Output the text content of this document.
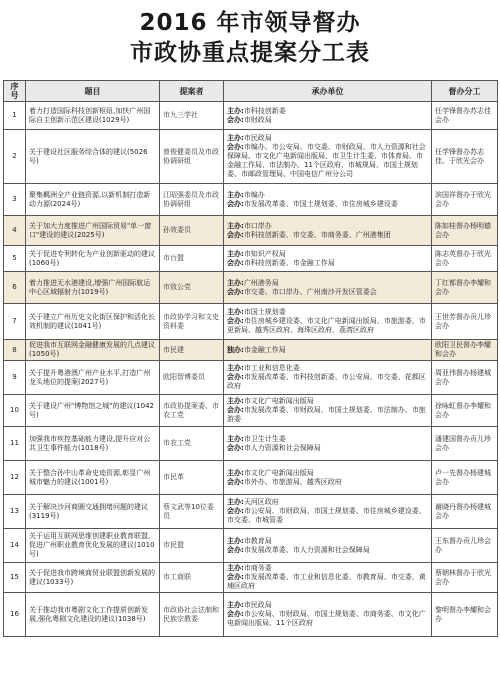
2016 年市领导督办
市政协重点提案分工表
序号	题目	提案者	承办单位	督办分工
1	着力打造国际科技创新枢纽,加快广州国际自主创新示范区建设(1029号)	市九三学社	主办:市科技创新委
会办:市财政局	任学锋督办苏志佳会办
2	关于建设社区服务综合体的建议(5026号)	曾俊健委员及市政协调研组	主办:市民政局
会办:市编办、市公安局、市交委、市财政局、市人力资源和社会保障局、市文化广电新闻出版局、市卫生计生委、市体育局、市金融工作局、市法制办、11个区政府、市城规局、市国土规划委、市邮政管理局、中国电信广州分公司	任学锋督办苏志佳、于欣光会办
3	聚集羁洲全产业链资源,以新机制打造新动力源(2024号)	江昭强委员及市政协调研组	主办:市编办
会办:市发展改革委、市国土规划委、市住房城乡建设委	滨国祥督办于欣光会办
4	关于加大力度推进广州国际贸易"单一窗口"建设的建议(2025号)	孙效委员	主办:市口岸办
会办:市科技创新委、市交委、市商务委、广州港集团	陈如桂督办杨明德会办
5	关于促进专利转化为产业创新驱动的建议(1060号)	市台盟	主办:市知识产权局
会办:市科技创新委、市金融工作局	陈志英督办于欣光会办
6	着力推进无水港建设,增强广州国际航运中心区域辐射力(1019号)	市致公党	主办:广州港务局
会办:市交委、市口岸办、广州南沙开发区管委会	丁红都督办李耀和会办
7	关于建立广州历史文化街区保护和活化长效机制的建议(1041号)	市政协学习和文史资料委	主办:市国土规划委
会办:市住房城乡建设委、市文化广电新闻出版局、市旅游委、市更新局、越秀区政府、海珠区政府、荔湾区政府	王世芳督办贡儿珍会办
8	促进我市互联网金融健康发展的几点建议(1050号)	市民建	独办:市金融工作局	欧阳卫民督办李耀和会办
9	关于提升粤港澳广州产业水平,打造广州龙头地位的提案(2027号)	欧阳智博委员	主办:市工业和信息化委
会办:市发展改革委、市科技创新委、市公安局、市交委、花都区政府	周亚伟督办杨建城会办
10	关于建设广州"博物馆之城"的建议(1042号)	市政协提案委、市农工党	主办:市文化广电新闻出版局
会办:市发展改革委、市财政局、市国土规划委、市法制办、市旅游委	徐咏虹督办李耀和会办
11	加强我市疾控基础能力建设,提升应对公共卫生事件能力(1018号)	市农工党	主办:市卫生计生委
会办:市人力资源和社会保障局	潘建国督办贡儿珍会办
12	关于整合孙中山革命史迹资源,彰显广州城市魅力的建议(1001号)	市民革	主办:市文化广电新闻出版局
会办:市外办、市旅游局、越秀区政府	卢一先督办杨建城会办
13	关于解决沙河商圈交通拥堵问题的建议(3119号)	蔡文武等10位委员	主办:天河区政府
会办:市公安局、市财政局、市国土规划委、市住房城乡建设委、市交委、市城管委	谢晓丹督办杨建城会办
14	关于运用互联网思维创建职业教育联盟,促进广州职业教育优化发展的建议(1010号)	市民盟	主办:市教育局
会办:市发展改革委、市人力资源和社会保障局	王东督办贡儿珍会办
15	关于促进我市跨境商贸业联盟创新发展的建议(1033号)	市工商联	主办:市商务委
会办:市发展改革委、市工业和信息化委、市教育局、市交委、黄埔区政府	蔡朝林督办于欣光会办
16	关于推动我市粤剧文化工作提质创新发展,强化粤剧文化建设的建议(1038号)	市政协社会法制和民族宗教委	主办:市民政局
会办:市公安局、市财政局、市国土规划委、市商务委、市文化广电新闻出版局、11个区政府	黎明督办李耀和会办
